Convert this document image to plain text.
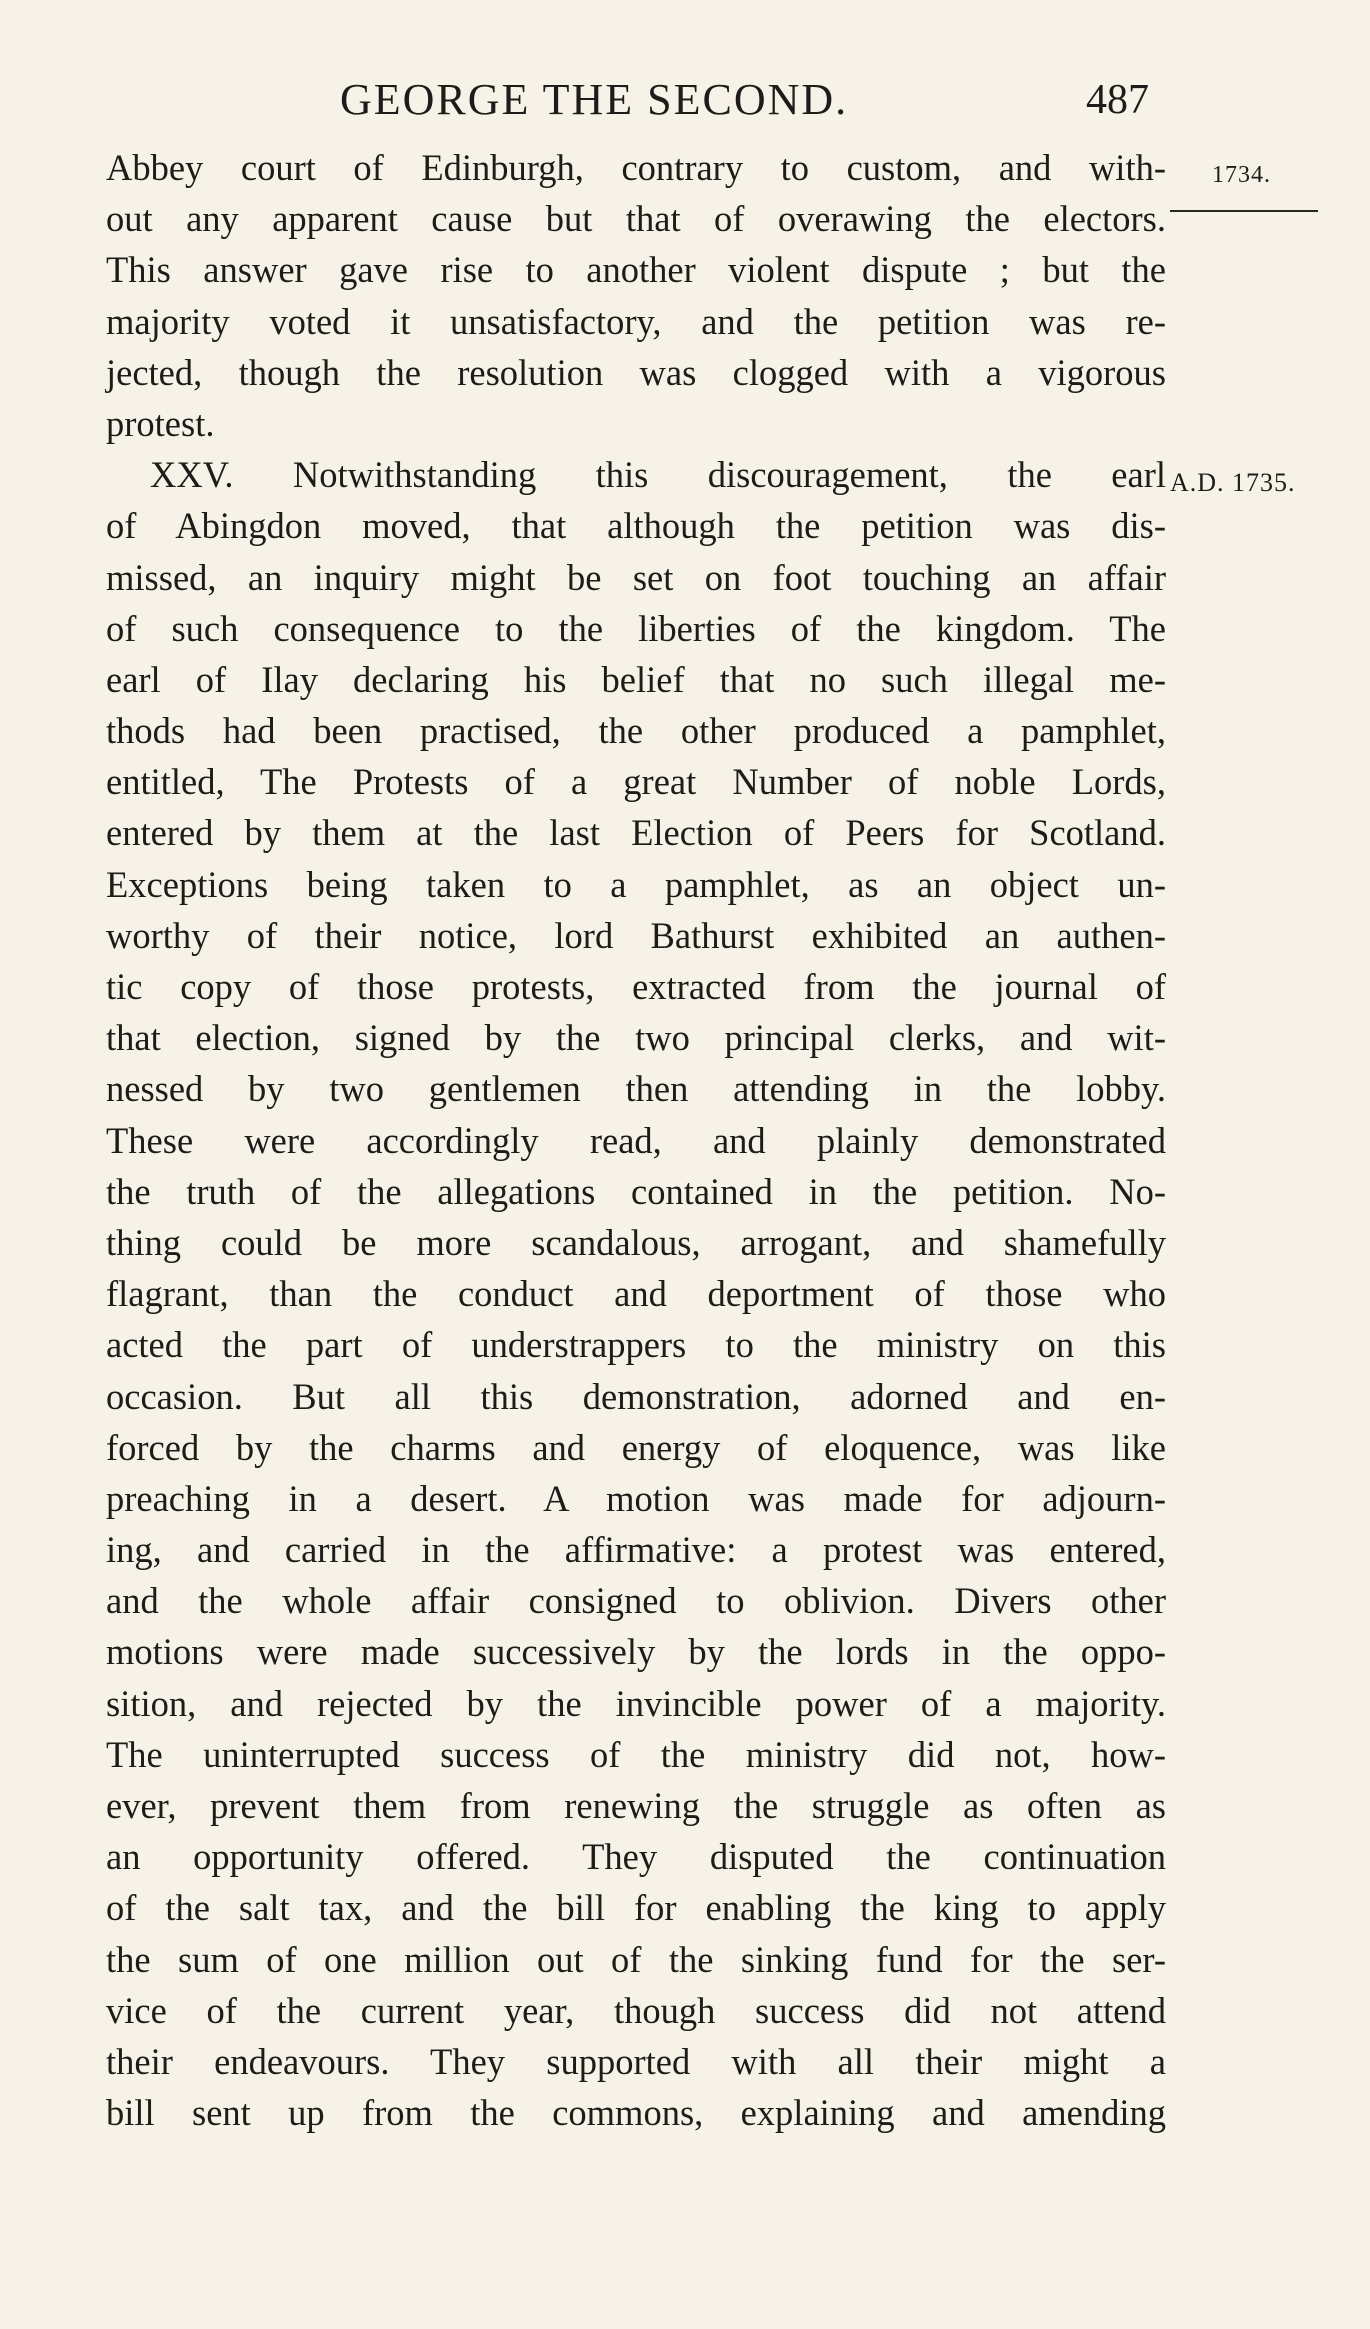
GEORGE THE SECOND.	487
1734.
A.D. 1735.
Abbey court of Edinburgh, contrary to custom, and with-
out any apparent cause but that of overawing the electors.
This answer gave rise to another violent dispute ; but the
majority voted it unsatisfactory, and the petition was re-
jected, though the resolution was clogged with a vigorous
protest.
XXV. Notwithstanding this discouragement, the earl
of Abingdon moved, that although the petition was dis-
missed, an inquiry might be set on foot touching an affair
of such consequence to the liberties of the kingdom. The
earl of Ilay declaring his belief that no such illegal me-
thods had been practised, the other produced a pamphlet,
entitled, The Protests of a great Number of noble Lords,
entered by them at the last Election of Peers for Scotland.
Exceptions being taken to a pamphlet, as an object un-
worthy of their notice, lord Bathurst exhibited an authen-
tic copy of those protests, extracted from the journal of
that election, signed by the two principal clerks, and wit-
nessed by two gentlemen then attending in the lobby.
These were accordingly read, and plainly demonstrated
the truth of the allegations contained in the petition. No-
thing could be more scandalous, arrogant, and shamefully
flagrant, than the conduct and deportment of those who
acted the part of understrappers to the ministry on this
occasion. But all this demonstration, adorned and en-
forced by the charms and energy of eloquence, was like
preaching in a desert. A motion was made for adjourn-
ing, and carried in the affirmative: a protest was entered,
and the whole affair consigned to oblivion. Divers other
motions were made successively by the lords in the oppo-
sition, and rejected by the invincible power of a majority.
The uninterrupted success of the ministry did not, how-
ever, prevent them from renewing the struggle as often as
an opportunity offered. They disputed the continuation
of the salt tax, and the bill for enabling the king to apply
the sum of one million out of the sinking fund for the ser-
vice of the current year, though success did not attend
their endeavours. They supported with all their might a
bill sent up from the commons, explaining and amending
